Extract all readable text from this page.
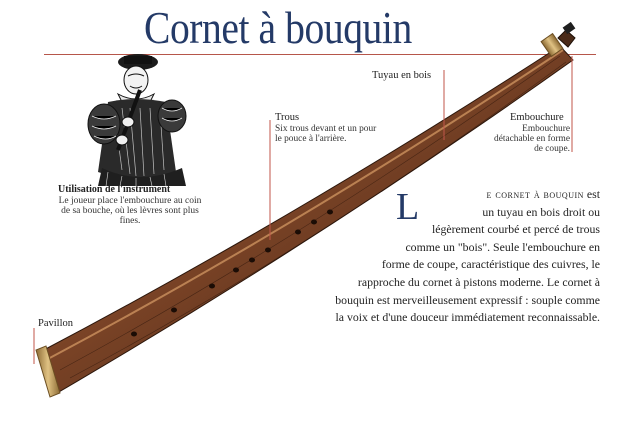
Cornet à bouquin
Utilisation de l'instrument
Le joueur place l'embouchure au coin de sa bouche, où les lèvres sont plus fines.
Trous
Six trous devant et un pour le pouce à l'arrière.
Tuyau en bois
Embouchure
Embouchure détachable en forme de coupe.
Pavillon
L	e cornet à bouquin est
un tuyau en bois droit ou
légèrement courbé et percé de trous
comme un "bois". Seule l'embouchure en
forme de coupe, caractéristique des cuivres, le
rapproche du cornet à pistons moderne. Le cornet à
bouquin est merveilleusement expressif : souple comme
la voix et d'une douceur immédiatement reconnaissable.
